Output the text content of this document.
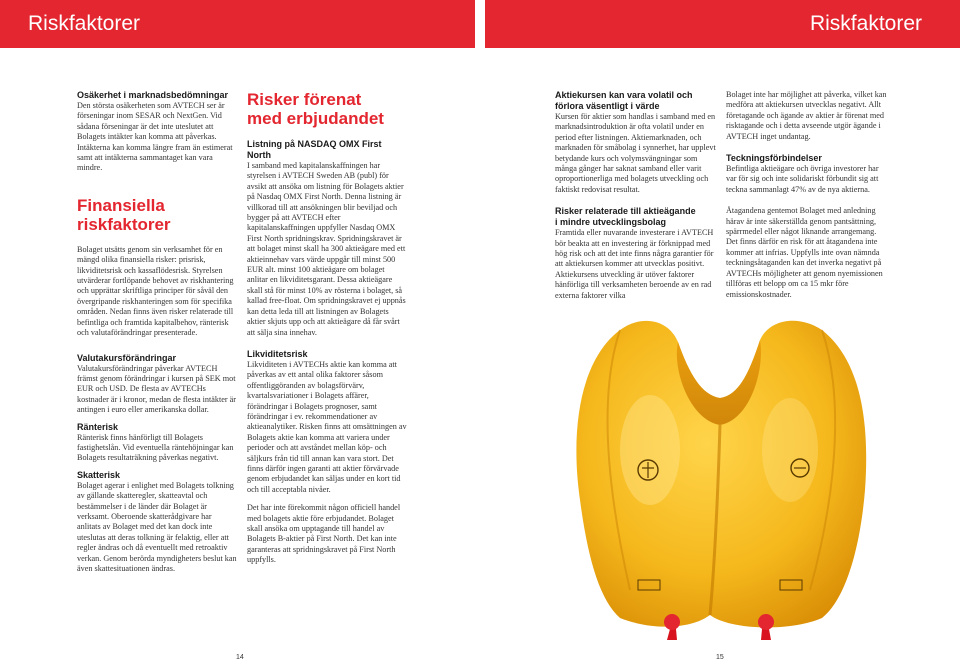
Riskfaktorer	Riskfaktorer

Osäkerhet i marknadsbedömningar

Den största osäkerheten som AVTECH ser är förseningar inom SESAR och NextGen. Vid sådana förseningar är det inte uteslutet att Bolagets intäkter kan komma att påverkas. Intäkterna kan komma längre fram än estimerat samt att intäkterna sammantaget kan vara mindre.

Finansiella
riskfaktorer

Bolaget utsätts genom sin verksamhet för en mängd olika finansiella risker: prisrisk, likviditetsrisk och kassaflödesrisk. Styrelsen utvärderar fortlöpande behovet av riskhantering och upprättar skriftliga principer för såväl den övergripande riskhanteringen som för specifika områden. Nedan finns även risker relaterade till befintliga och framtida kapitalbehov, ränterisk och valutaförändringar presenterade.

Valutakursförändringar

Valutakursförändringar påverkar AVTECH främst genom förändringar i kursen på SEK mot EUR och USD. De flesta av AVTECHs kostnader är i kronor, medan de flesta intäkter är antingen i euro eller amerikanska dollar.

Ränterisk

Ränterisk finns hänförligt till Bolagets fastighetslån. Vid eventuella räntehöjningar kan Bolagets resultaträkning påverkas negativt.

Skatterisk

Bolaget agerar i enlighet med Bolagets tolkning av gällande skatteregler, skatteavtal och bestämmelser i de länder där Bolaget är verksamt. Oberoende skatterådgivare har anlitats av Bolaget med det kan dock inte uteslutas att deras tolkning är felaktig, eller att regler ändras och då eventuellt med retroaktiv verkan. Genom berörda myndigheters beslut kan även skattesituationen ändras.

Risker förenat
med erbjudandet

Listning på NASDAQ OMX First North

I samband med kapitalanskaffningen har styrelsen i AVTECH Sweden AB (publ) för avsikt att ansöka om listning för Bolagets aktier på Nasdaq OMX First North. Denna listning är villkorad till att ansökningen blir beviljad och bygger på att AVTECH efter kapitalanskaffningen uppfyller Nasdaq OMX First North spridningskrav. Spridningskravet är att bolaget minst skall ha 300 aktieägare med ett aktieinnehav vars värde uppgår till minst 500 EUR alt. minst 100 aktieägare om bolaget anlitar en likviditetsgarant. Dessa aktieägare skall stå för minst 10% av rösterna i bolaget, så kallad free-float. Om spridningskravet ej uppnås kan detta leda till att listningen av Bolagets aktier skjuts upp och att aktieägare då får svårt att sälja sina innehav.

Likviditetsrisk

Likviditeten i AVTECHs aktie kan komma att påverkas av ett antal olika faktorer såsom offentliggöranden av bolagsförvärv, kvartalsvariationer i Bolagets affärer, förändringar i Bolagets prognoser, samt förändringar i ev. rekommendationer av aktieanalytiker. Risken finns att omsättningen av Bolagets aktie kan komma att variera under perioder och att avståndet mellan köp- och säljkurs från tid till annan kan vara stort. Det finns därför ingen garanti att aktier förvärvade genom erbjudandet kan säljas under en kort tid och till acceptabla nivåer.

Det har inte förekommit någon officiell handel med bolagets aktie före erbjudandet. Bolaget skall ansöka om upptagande till handel av Bolagets B-aktier på First North. Det kan inte garanteras att spridningskravet på First North uppfylls.

Aktiekursen kan vara volatil och
förlora väsentligt i värde

Kursen för aktier som handlas i samband med en marknadsintroduktion är ofta volatil under en period efter listningen. Aktiemarknaden, och marknaden för småbolag i synnerhet, har upplevt betydande kurs och volymsvängningar som många gånger har saknat samband eller varit oproportionerliga med bolagets utveckling och faktiskt redovisat resultat.

Risker relaterade till aktieägande
i mindre utvecklingsbolag

Framtida eller nuvarande investerare i AVTECH bör beakta att en investering är förknippad med hög risk och att det inte finns några garantier för att aktiekursen kommer att utvecklas positivt. Aktiekursens utveckling är utöver faktorer hänförliga till verksamheten beroende av en rad externa faktorer vilka

Bolaget inte har möjlighet att påverka, vilket kan medföra att aktiekursen utvecklas negativt. Allt företagande och ägande av aktier är förenat med risktagande och i detta avseende utgör ägande i AVTECH inget undantag.

Teckningsförbindelser

Befintliga aktieägare och övriga investorer har var för sig och inte solidariskt förbundit sig att teckna sammanlagt 47% av de nya aktierna.

Åtagandena gentemot Bolaget med anledning härav är inte säkerställda genom pantsättning, spärrmedel eller något liknande arrangemang. Det finns därför en risk för att åtagandena inte kommer att infrias. Uppfylls inte ovan nämnda teckningsåtaganden kan det inverka negativt på AVTECHs möjligheter att genom nyemissionen tillföras ett belopp om ca 15 mkr före emissionskostnader.

14	15
